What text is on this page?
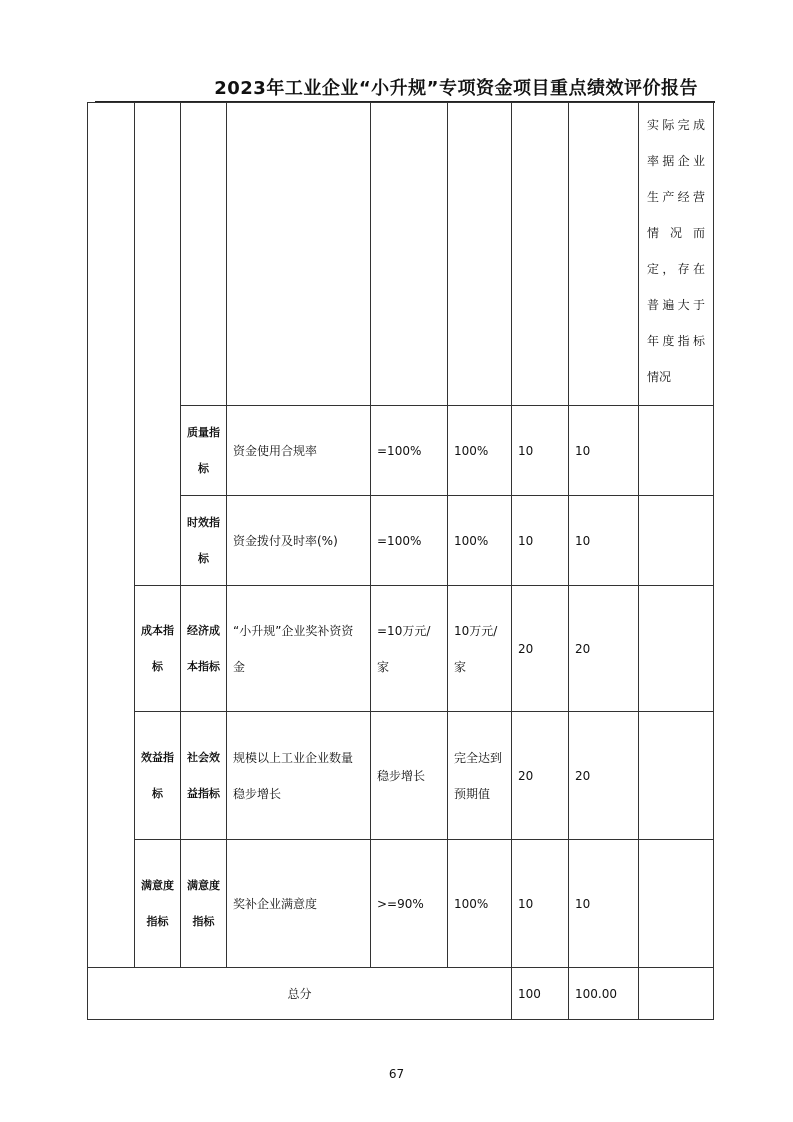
2023年工业企业“小升规”专项资金项目重点绩效评价报告
								实际完成率据企业生产经营情况而定，存在普遍大于年度指标情况
		质量指标	资金使用合规率	=100%	100%	10	10	
		时效指标	资金拨付及时率(%)	=100%	100%	10	10	
	成本指标	经济成本指标	“小升规”企业奖补资资金	=10万元/家	10万元/家	20	20	
	效益指标	社会效益指标	规模以上工业企业数量稳步增长	稳步增长	完全达到预期值	20	20	
	满意度指标	满意度指标	奖补企业满意度	>=90%	100%	10	10	
总分						100	100.00	
67
